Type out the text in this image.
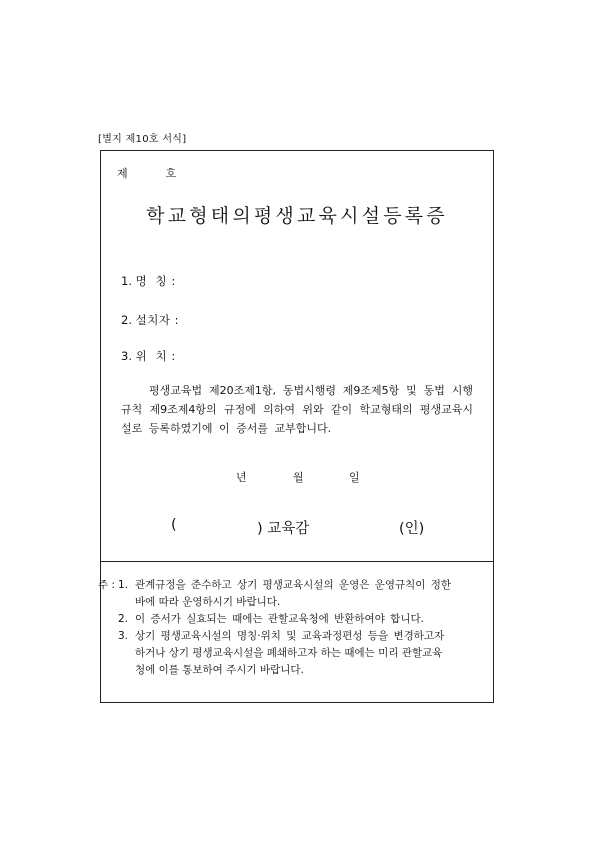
[별지 제10호 서식]
제	호
학교형태의평생교육시설등록증
1. 명  칭 :
2. 설치자 :
3. 위  치 :
평생교육법 제20조제1항, 동법시행령 제9조제5항 및 동법 시행규칙 제9조제4항의 규정에 의하여 위와 같이 학교형태의 평생교육시설로 등록하였기에 이 증서를 교부합니다.
년	월	일
(	) 교육감	(인)
주 : 1. 관계규정을 준수하고 상기 평생교육시설의 운영은 운영규칙이 정한
바에 따라 운영하시기 바랍니다.
2. 이 증서가 실효되는 때에는 관할교육청에 반환하여야 합니다.
3. 상기 평생교육시설의 명칭·위치 및 교육과정편성 등을 변경하고자
하거나 상기 평생교육시설을 폐쇄하고자 하는 때에는 미리 관할교육
청에 이를 통보하여 주시기 바랍니다.
